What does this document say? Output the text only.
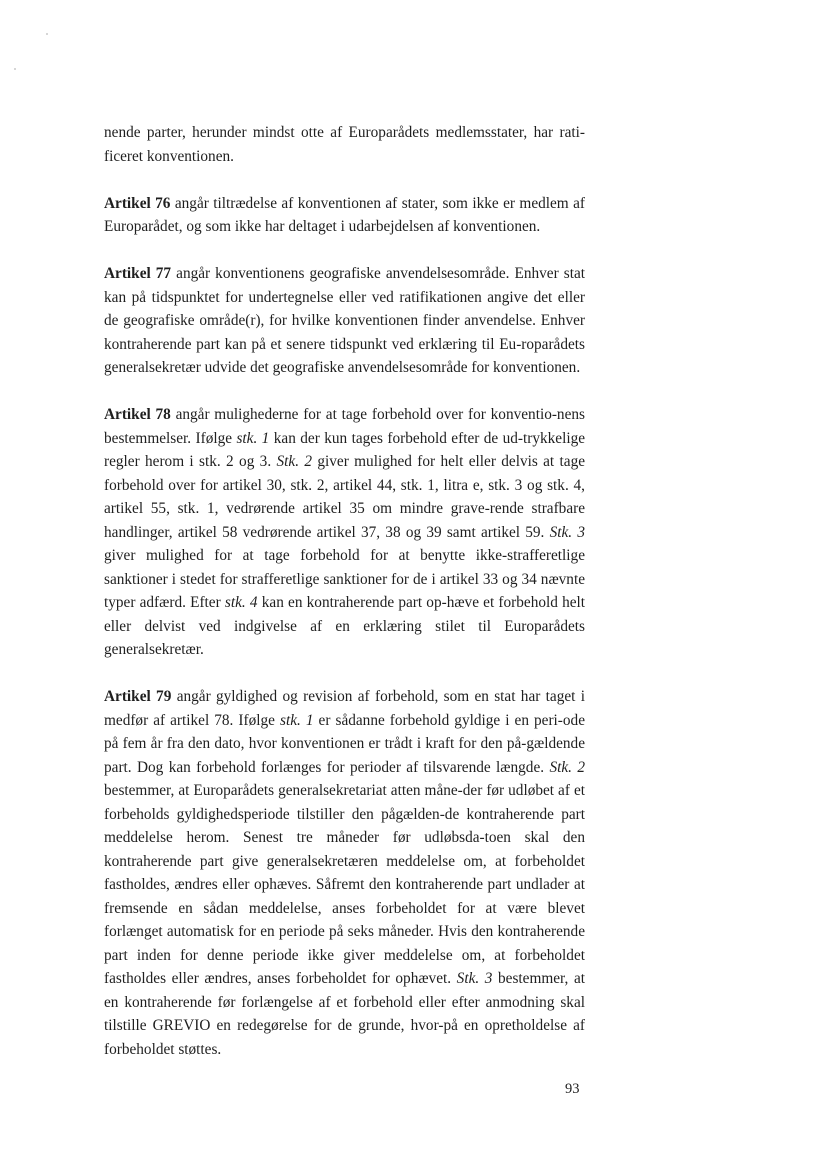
nende parter, herunder mindst otte af Europarådets medlemsstater, har rati-ficeret konventionen.

Artikel 76 angår tiltrædelse af konventionen af stater, som ikke er medlem af Europarådet, og som ikke har deltaget i udarbejdelsen af konventionen.

Artikel 77 angår konventionens geografiske anvendelsesområde. Enhver stat kan på tidspunktet for undertegnelse eller ved ratifikationen angive det eller de geografiske område(r), for hvilke konventionen finder anvendelse. Enhver kontraherende part kan på et senere tidspunkt ved erklæring til Eu-roparådets generalsekretær udvide det geografiske anvendelsesområde for konventionen.

Artikel 78 angår mulighederne for at tage forbehold over for konventio-nens bestemmelser. Ifølge stk. 1 kan der kun tages forbehold efter de ud-trykkelige regler herom i stk. 2 og 3. Stk. 2 giver mulighed for helt eller delvis at tage forbehold over for artikel 30, stk. 2, artikel 44, stk. 1, litra e, stk. 3 og stk. 4, artikel 55, stk. 1, vedrørende artikel 35 om mindre grave-rende strafbare handlinger, artikel 58 vedrørende artikel 37, 38 og 39 samt artikel 59. Stk. 3 giver mulighed for at tage forbehold for at benytte ikke-strafferetlige sanktioner i stedet for strafferetlige sanktioner for de i artikel 33 og 34 nævnte typer adfærd. Efter stk. 4 kan en kontraherende part op-hæve et forbehold helt eller delvist ved indgivelse af en erklæring stilet til Europarådets generalsekretær.

Artikel 79 angår gyldighed og revision af forbehold, som en stat har taget i medfør af artikel 78. Ifølge stk. 1 er sådanne forbehold gyldige i en peri-ode på fem år fra den dato, hvor konventionen er trådt i kraft for den på-gældende part. Dog kan forbehold forlænges for perioder af tilsvarende længde. Stk. 2 bestemmer, at Europarådets generalsekretariat atten måne-der før udløbet af et forbeholds gyldighedsperiode tilstiller den pågælden-de kontraherende part meddelelse herom. Senest tre måneder før udløbsda-toen skal den kontraherende part give generalsekretæren meddelelse om, at forbeholdet fastholdes, ændres eller ophæves. Såfremt den kontraherende part undlader at fremsende en sådan meddelelse, anses forbeholdet for at være blevet forlænget automatisk for en periode på seks måneder. Hvis den kontraherende part inden for denne periode ikke giver meddelelse om, at forbeholdet fastholdes eller ændres, anses forbeholdet for ophævet. Stk. 3 bestemmer, at en kontraherende før forlængelse af et forbehold eller efter anmodning skal tilstille GREVIO en redegørelse for de grunde, hvor-på en opretholdelse af forbeholdet støttes.

93
